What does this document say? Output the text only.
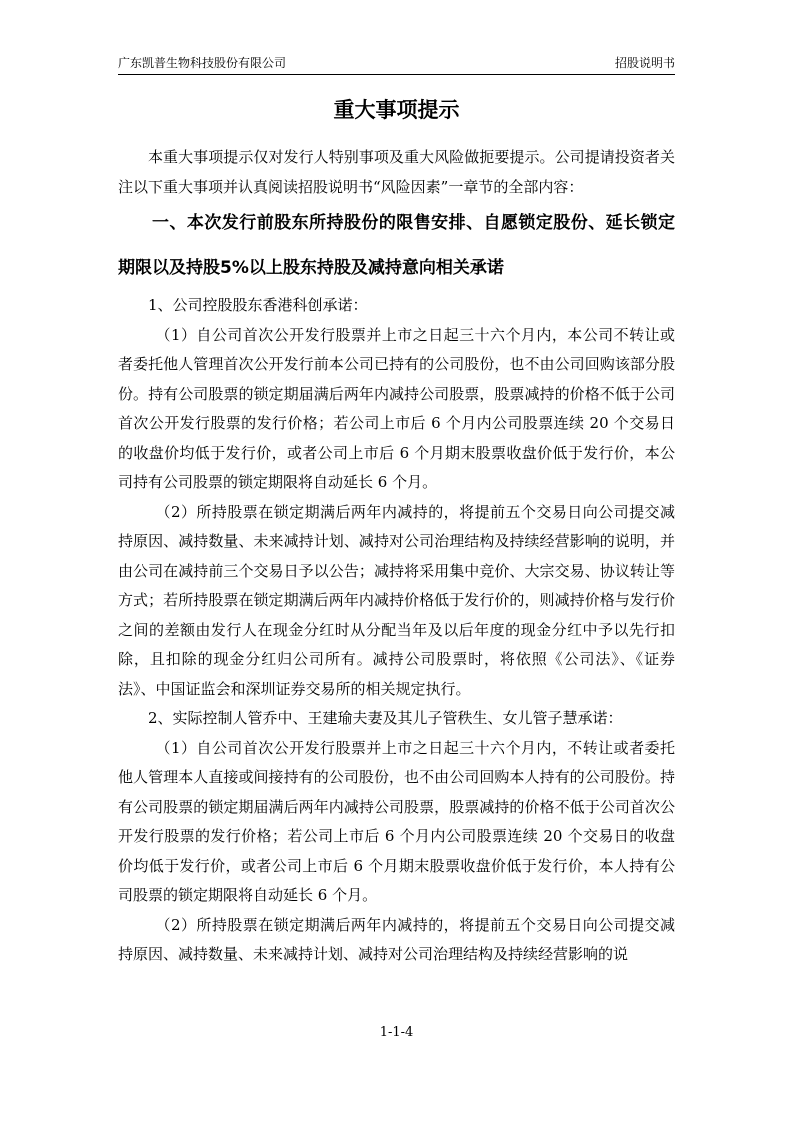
广东凯普生物科技股份有限公司	招股说明书
重大事项提示

本重大事项提示仅对发行人特别事项及重大风险做扼要提示。公司提请投资者关注以下重大事项并认真阅读招股说明书“风险因素”一章节的全部内容：

一、本次发行前股东所持股份的限售安排、自愿锁定股份、延长锁定期限以及持股5%以上股东持股及减持意向相关承诺

1、公司控股股东香港科创承诺：

（1）自公司首次公开发行股票并上市之日起三十六个月内，本公司不转让或者委托他人管理首次公开发行前本公司已持有的公司股份，也不由公司回购该部分股份。持有公司股票的锁定期届满后两年内减持公司股票，股票减持的价格不低于公司首次公开发行股票的发行价格；若公司上市后 6 个月内公司股票连续 20 个交易日的收盘价均低于发行价，或者公司上市后 6 个月期末股票收盘价低于发行价，本公司持有公司股票的锁定期限将自动延长 6 个月。

（2）所持股票在锁定期满后两年内减持的，将提前五个交易日向公司提交减持原因、减持数量、未来减持计划、减持对公司治理结构及持续经营影响的说明，并由公司在减持前三个交易日予以公告；减持将采用集中竞价、大宗交易、协议转让等方式；若所持股票在锁定期满后两年内减持价格低于发行价的，则减持价格与发行价之间的差额由发行人在现金分红时从分配当年及以后年度的现金分红中予以先行扣除，且扣除的现金分红归公司所有。减持公司股票时，将依照《公司法》、《证券法》、中国证监会和深圳证券交易所的相关规定执行。

2、实际控制人管乔中、王建瑜夫妻及其儿子管秩生、女儿管子慧承诺：

（1）自公司首次公开发行股票并上市之日起三十六个月内，不转让或者委托他人管理本人直接或间接持有的公司股份，也不由公司回购本人持有的公司股份。持有公司股票的锁定期届满后两年内减持公司股票，股票减持的价格不低于公司首次公开发行股票的发行价格；若公司上市后 6 个月内公司股票连续 20 个交易日的收盘价均低于发行价，或者公司上市后 6 个月期末股票收盘价低于发行价，本人持有公司股票的锁定期限将自动延长 6 个月。

（2）所持股票在锁定期满后两年内减持的，将提前五个交易日向公司提交减持原因、减持数量、未来减持计划、减持对公司治理结构及持续经营影响的说

1-1-4
